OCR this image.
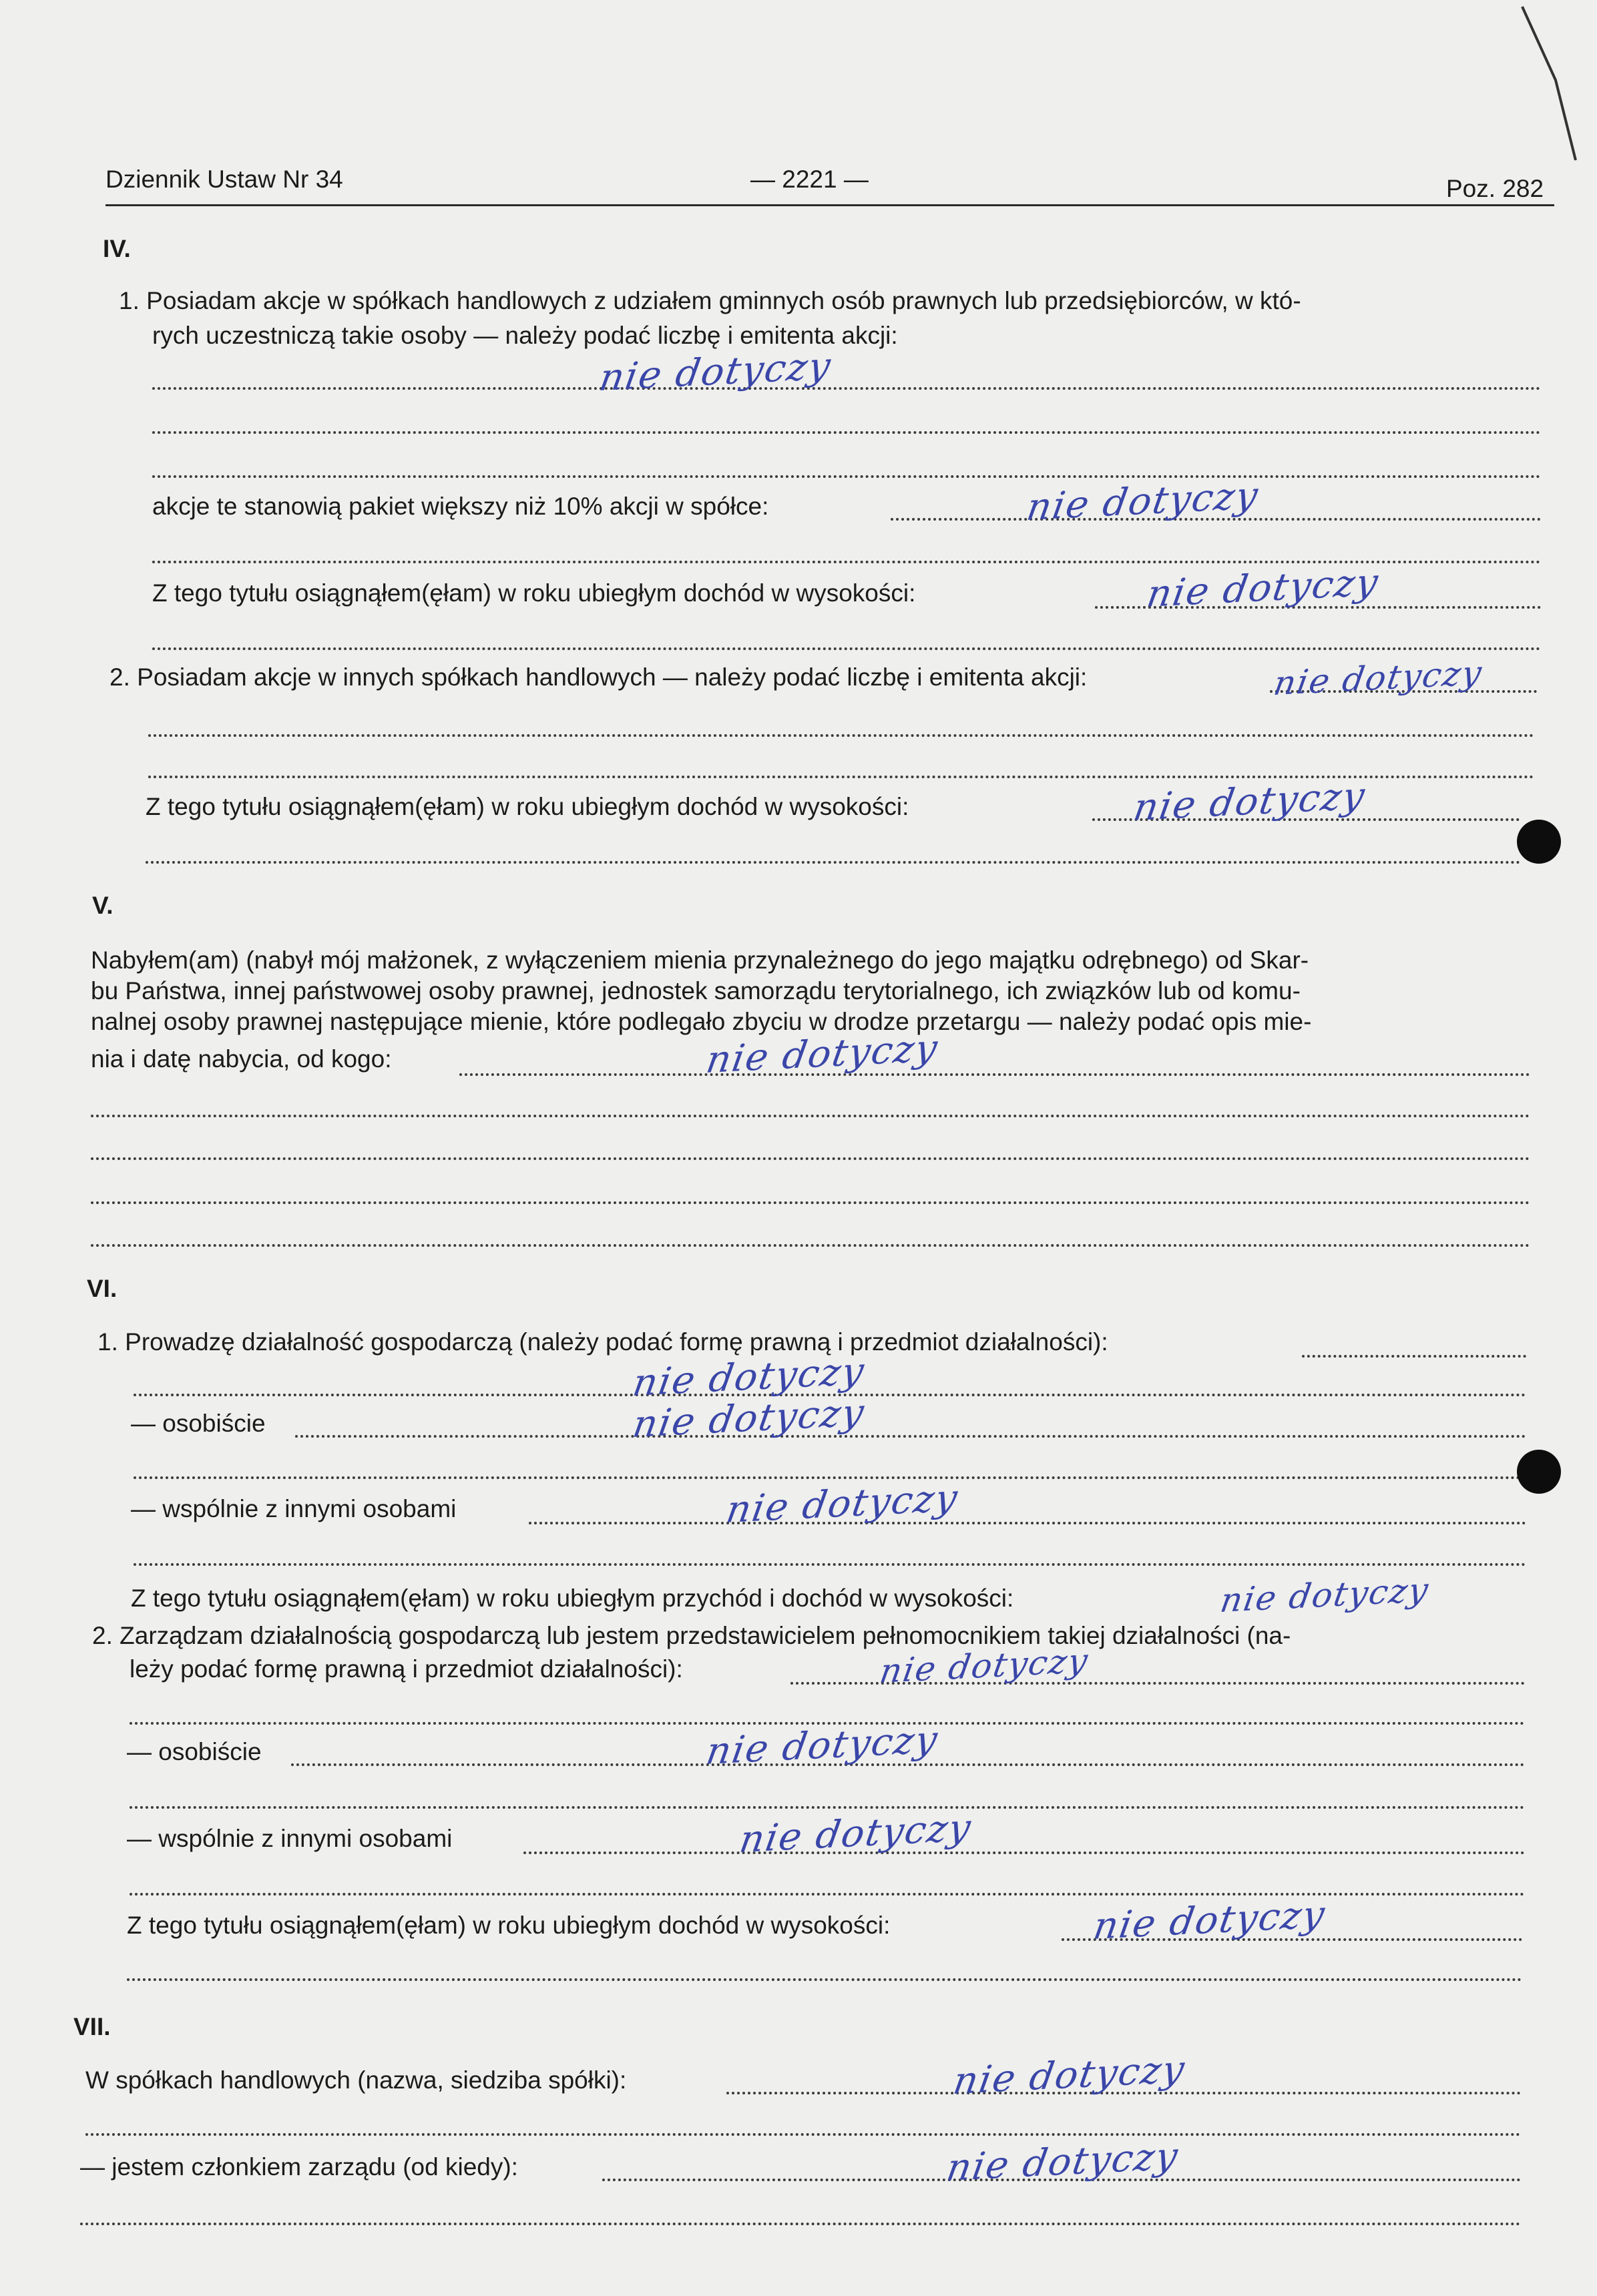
Dziennik Ustaw Nr 34	— 2221 —	Poz. 282
IV.
1. Posiadam akcje w spółkach handlowych z udziałem gminnych osób prawnych lub przedsiębiorców, w któ-
rych uczestniczą takie osoby — należy podać liczbę i emitenta akcji:
nie dotyczy
akcje te stanowią pakiet większy niż 10% akcji w spółce:	nie dotyczy
Z tego tytułu osiągnąłem(ęłam) w roku ubiegłym dochód w wysokości:	nie dotyczy
2. Posiadam akcje w innych spółkach handlowych — należy podać liczbę i emitenta akcji:	nie dotyczy
Z tego tytułu osiągnąłem(ęłam) w roku ubiegłym dochód w wysokości:	nie dotyczy
V.
Nabyłem(am) (nabył mój małżonek, z wyłączeniem mienia przynależnego do jego majątku odrębnego) od Skar-
bu Państwa, innej państwowej osoby prawnej, jednostek samorządu terytorialnego, ich związków lub od komu-
nalnej osoby prawnej następujące mienie, które podlegało zbyciu w drodze przetargu — należy podać opis mie-
nia i datę nabycia, od kogo:	nie dotyczy
VI.
1. Prowadzę działalność gospodarczą (należy podać formę prawną i przedmiot działalności):
nie dotyczy
— osobiście	nie dotyczy
— wspólnie z innymi osobami	nie dotyczy
Z tego tytułu osiągnąłem(ęłam) w roku ubiegłym przychód i dochód w wysokości:	nie dotyczy
2. Zarządzam działalnością gospodarczą lub jestem przedstawicielem pełnomocnikiem takiej działalności (na-
leży podać formę prawną i przedmiot działalności):	nie dotyczy
— osobiście	nie dotyczy
— wspólnie z innymi osobami	nie dotyczy
Z tego tytułu osiągnąłem(ęłam) w roku ubiegłym dochód w wysokości:	nie dotyczy
VII.
W spółkach handlowych (nazwa, siedziba spółki):	nie dotyczy
— jestem członkiem zarządu (od kiedy):	nie dotyczy
